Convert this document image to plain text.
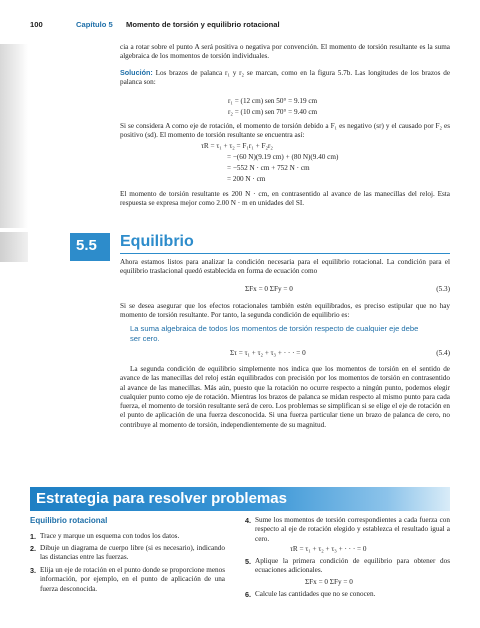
100	Capítulo 5 Momento de torsión y equilibrio rotacional
cia a rotar sobre el punto A será positiva o negativa por convención. El momento de torsión resultante es la suma algebraica de los momentos de torsión individuales.
Solución: Los brazos de palanca r₁ y r₂ se marcan, como en la figura 5.7b. Las longitudes de los brazos de palanca son:
r₁ = (12 cm) sen 50° = 9.19 cm
r₂ = (10 cm) sen 70° = 9.40 cm
Si se considera A como eje de rotación, el momento de torsión debido a F₁ es negativo (sr) y el causado por F₂ es positivo (sd). El momento de torsión resultante se encuentra así:
τR = τ₁ + τ₂ = F₁r₁ + F₂r₂
= −(60 N)(9.19 cm) + (80 N)(9.40 cm)
= −552 N · cm + 752 N · cm
= 200 N · cm
El momento de torsión resultante es 200 N · cm, en contrasentido al avance de las manecillas del reloj. Esta respuesta se expresa mejor como 2.00 N · m en unidades del SI.
5.5 Equilibrio
Ahora estamos listos para analizar la condición necesaria para el equilibrio rotacional. La condición para el equilibrio traslacional quedó establecida en forma de ecuación como
ΣFx = 0 ΣFy = 0	(5.3)
Si se desea asegurar que los efectos rotacionales también estén equilibrados, es preciso estipular que no hay momento de torsión resultante. Por tanto, la segunda condición de equilibrio es:
La suma algebraica de todos los momentos de torsión respecto de cualquier eje debe ser cero.
Στ = τ₁ + τ₂ + τ₃ + · · · = 0	(5.4)
La segunda condición de equilibrio simplemente nos indica que los momentos de torsión en el sentido de avance de las manecillas del reloj están equilibrados con precisión por los momentos de torsión en contrasentido al avance de las manecillas. Más aún, puesto que la rotación no ocurre respecto a ningún punto, podemos elegir cualquier punto como eje de rotación. Mientras los brazos de palanca se midan respecto al mismo punto para cada fuerza, el momento de torsión resultante será de cero. Los problemas se simplifican si se elige el eje de rotación en el punto de aplicación de una fuerza desconocida. Si una fuerza particular tiene un brazo de palanca de cero, no contribuye al momento de torsión, independientemente de su magnitud.
Estrategia para resolver problemas
Equilibrio rotacional
1. Trace y marque un esquema con todos los datos.
2. Dibuje un diagrama de cuerpo libre (si es necesario), indicando las distancias entre las fuerzas.
3. Elija un eje de rotación en el punto donde se proporcione menos información, por ejemplo, en el punto de aplicación de una fuerza desconocida.
4. Sume los momentos de torsión correspondientes a cada fuerza con respecto al eje de rotación elegido y establezca el resultado igual a cero.
τR = τ₁ + τ₂ + τ₃ + · · · = 0
5. Aplique la primera condición de equilibrio para obtener dos ecuaciones adicionales.
ΣFx = 0 ΣFy = 0
6. Calcule las cantidades que no se conocen.
